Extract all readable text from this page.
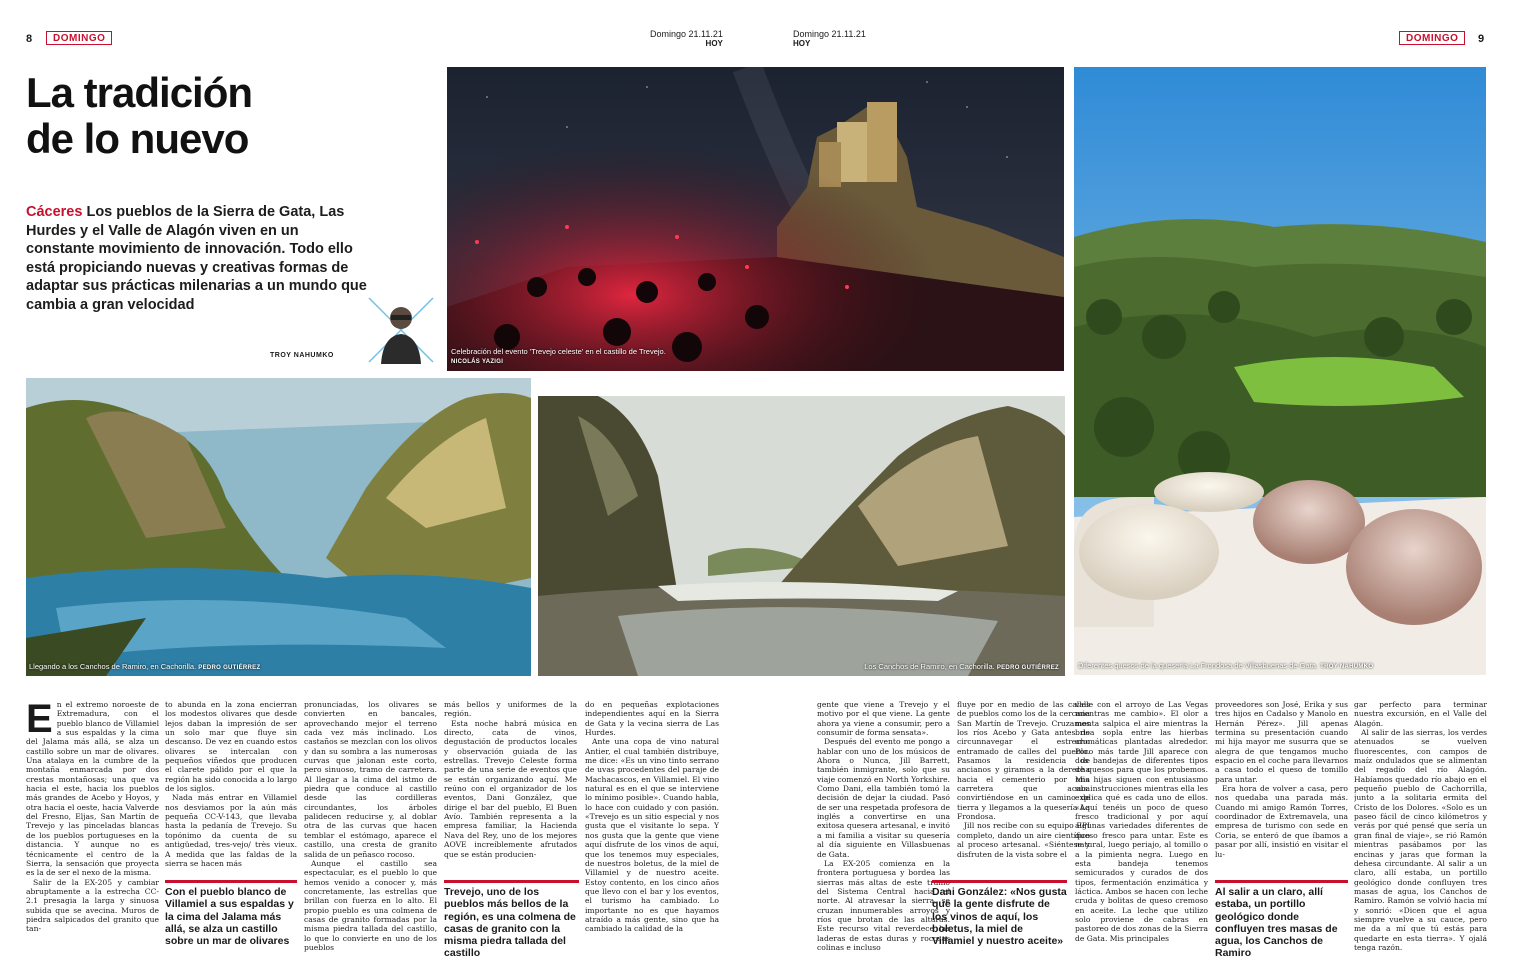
8	DOMINGO	Domingo 21.11.21
HOY
Domingo 21.11.21
HOY	DOMINGO	9
La tradición
de lo nuevo
Cáceres Los pueblos de la Sierra de Gata, Las Hurdes y el Valle de Alagón viven en un constante movimiento de innovación. Todo ello está propiciando nuevas y creativas formas de adaptar sus prácticas milenarias a un mundo que cambia a gran velocidad
TROY NAHUMKO	Celebración del evento 'Trevejo celeste' en el castillo de Trevejo. NICOLÁS YAZIGI
Diferentes quesos de la quesería La Frondosa de Villasbuenas de Gata. TROY NAHUMKO
Llegando a los Canchos de Ramiro, en Cachorilla. PEDRO GUTIÉRREZ	Los Canchos de Ramiro, en Cachorilla. PEDRO GUTIÉRREZ

En el extremo noroeste de Extremadura, con el pueblo blanco de Villamiel a sus espaldas y la cima del Jalama más allá, se alza un castillo sobre un mar de olivares. Una atalaya en la cumbre de la montaña enmarcada por dos crestas montañosas; una que va hacia el este, hacia los pueblos más grandes de Acebo y Hoyos, y otra hacia el oeste, hacia Valverde del Fresno, Eljas, San Martín de Trevejo y las pinceladas blancas de los pueblos portugueses en la distancia. Y aunque no es técnicamente el centro de la Sierra, la sensación que proyecta es la de ser el nexo de la misma.

Salir de la EX-205 y cambiar abruptamente a la estrecha CC-2.1 presagia la larga y sinuosa subida que se avecina. Muros de piedra salpicados del granito que tan-

to abunda en la zona encierran los modestos olivares que desde lejos daban la impresión de ser un solo mar que fluye sin descanso. De vez en cuando estos olivares se intercalan con pequeños viñedos que producen el clarete pálido por el que la región ha sido conocida a lo largo de los siglos.

Nada más entrar en Villamiel nos desviamos por la aún más pequeña CC-V-143, que llevaba hasta la pedanía de Trevejo. Su topónimo da cuenta de su antigüedad, tres-vejo/ très vieux. A medida que las faldas de la sierra se hacen más

Con el pueblo blanco de Villamiel a sus espaldas y la cima del Jalama más allá, se alza un castillo sobre un mar de olivares

pronunciadas, los olivares se convierten en bancales, aprovechando mejor el terreno cada vez más inclinado. Los castaños se mezclan con los olivos y dan su sombra a las numerosas curvas que jalonan este corto, pero sinuoso, tramo de carretera. Al llegar a la cima del istmo de piedra que conduce al castillo desde las cordilleras circundantes, los árboles palidecen reducirse y, al doblar otra de las curvas que hacen temblar el estómago, aparece el castillo, una cresta de granito salida de un peñasco rocoso.

Aunque el castillo sea espectacular, es el pueblo lo que hemos venido a conocer y, más concretamente, las estrellas que brillan con fuerza en lo alto. El propio pueblo es una colmena de casas de granito formadas por la misma piedra tallada del castillo, lo que lo convierte en uno de los pueblos

más bellos y uniformes de la región.

Esta noche habrá música en directo, cata de vinos, degustación de productos locales y observación guiada de las estrellas. Trevejo Celeste forma parte de una serie de eventos que se están organizando aquí. Me reúno con el organizador de los eventos, Dani González, que dirige el bar del pueblo, El Buen Avío. También representa a la empresa familiar, la Hacienda Nava del Rey, uno de los mejores AOVE increíblemente afrutados que se están producien-

Trevejo, uno de los pueblos más bellos de la región, es una colmena de casas de granito con la misma piedra tallada del castillo

do en pequeñas explotaciones independientes aquí en la Sierra de Gata y la vecina sierra de Las Hurdes.

Ante una copa de vino natural Antier, el cual también distribuye, me dice: «Es un vino tinto serrano de uvas procedentes del paraje de Machacascos, en Villamiel. El vino natural es en el que se interviene lo mínimo posible». Cuando habla, lo hace con cuidado y con pasión. «Trevejo es un sitio especial y nos gusta que el visitante lo sepa. Y nos gusta que la gente que viene aquí disfrute de los vinos de aquí, que los tenemos muy especiales, de nuestros boletus, de la miel de Villamiel y de nuestro aceite. Estoy contento, en los cinco años que llevo con el bar y los eventos, el turismo ha cambiado. Lo importante no es que hayamos atraído a más gente, sino que ha cambiado la calidad de la

gente que viene a Trevejo y el motivo por el que viene. La gente ahora ya viene a consumir, pero a consumir de forma sensata».

Después del evento me pongo a hablar con uno de los músicos de Ahora o Nunca, Jill Barrett, también inmigrante, solo que su viaje comenzó en North Yorkshire. Como Dani, ella también tomó la decisión de dejar la ciudad. Pasó de ser una respetada profesora de inglés a convertirse en una exitosa quesera artesanal, e invitó a mi familia a visitar su quesería al día siguiente en Villasbuenas de Gata.

La EX-205 comienza en la frontera portuguesa y bordea las sierras más altas de este tramo del Sistema Central hacia el norte. Al atravesar la sierra, se cruzan innumerables arroyos y ríos que brotan de las alturas. Este recurso vital reverdece las laderas de estas duras y rocosas colinas e incluso

fluye por en medio de las calles de pueblos como los de la cercana San Martín de Trevejo. Cruzamos los ríos Acebo y Gata antes de circunnavegar el estrecho entramado de calles del pueblo. Pasamos la residencia de ancianos y giramos a la derecha hacia el cementerio por una carretera que acaba convirtiéndose en un camino de tierra y llegamos a la quesería La Frondosa.

Jill nos recibe con su equipo EPI completo, dando un aire científico al proceso artesanal. «Siéntese y disfruten de la vista sobre el

Dani González: «Nos gusta que la gente disfrute de los vinos de aquí, los boletus, la miel de Villamiel y nuestro aceite»

valle con el arroyo de Las Vegas mientras me cambio». El olor a menta salpica el aire mientras la brisa sopla entre las hierbas aromáticas plantadas alrededor. Poco más tarde Jill aparece con dos bandejas de diferentes tipos de quesos para que los probemos. Mis hijas siguen con entusiasmo sus instrucciones mientras ella les explica qué es cada uno de ellos. «Aquí tenéis un poco de queso fresco tradicional y por aquí algunas variedades diferentes de queso fresco para untar. Este es natural, luego periajo, al tomillo o a la pimienta negra. Luego en esta bandeja tenemos semicurados y curados de dos tipos, fermentación enzimática y láctica. Ambos se hacen con leche cruda y bolitas de queso cremoso en aceite. La leche que utilizo solo proviene de cabras en pastoreo de dos zonas de la Sierra de Gata. Mis principales

proveedores son José, Erika y sus tres hijos en Cadalso y Manolo en Hernán Pérez». Jill apenas termina su presentación cuando mi hija mayor me susurra que se alegra de que tengamos mucho espacio en el coche para llevarnos a casa todo el queso de tomillo para untar.

Era hora de volver a casa, pero nos quedaba una parada más. Cuando mi amigo Ramón Torres, coordinador de Extremavela, una empresa de turismo con sede en Coria, se enteró de que íbamos a pasar por allí, insistió en visitar el lu-

Al salir a un claro, allí estaba, un portillo geológico donde confluyen tres masas de agua, los Canchos de Ramiro

gar perfecto para terminar nuestra excursión, en el Valle del Alagón.

Al salir de las sierras, los verdes atenuados se vuelven fluorescentes, con campos de maíz ondulados que se alimentan del regadío del río Alagón. Habíamos quedado río abajo en el pequeño pueblo de Cachorrilla, junto a la solitaria ermita del Cristo de los Dolores. «Solo es un paseo fácil de cinco kilómetros y verás por qué pensé que sería un gran final de viaje», se rió Ramón mientras pasábamos por las encinas y jaras que forman la dehesa circundante. Al salir a un claro, allí estaba, un portillo geológico donde confluyen tres masas de agua, los Canchos de Ramiro. Ramón se volvió hacia mí y sonrió: «Dicen que el agua siempre vuelve a su cauce, pero me da a mí que tú estás para quedarte en esta tierra». Y ojalá tenga razón.
